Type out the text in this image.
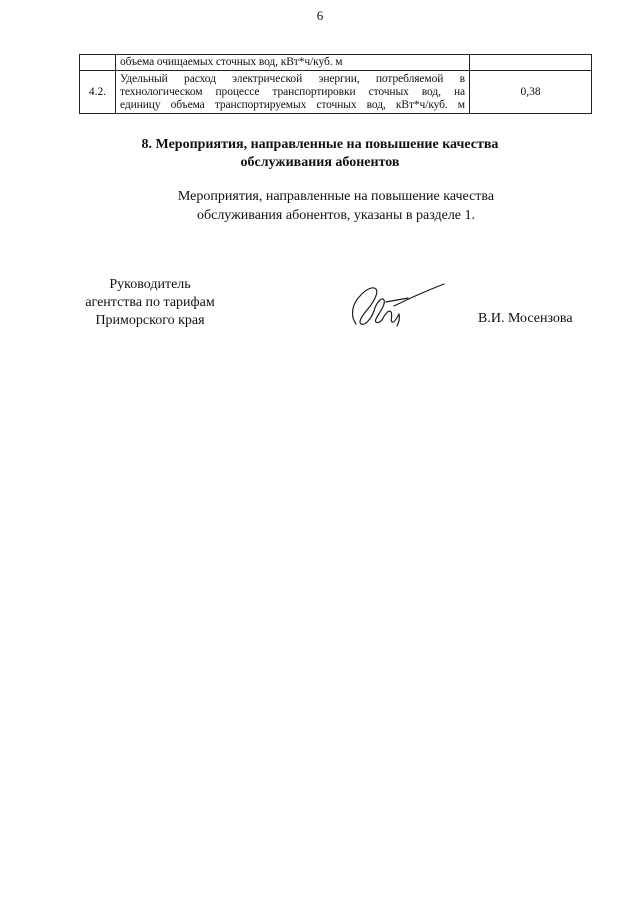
6
	объема очищаемых сточных вод, кВт*ч/куб. м	
4.2.	Удельный расход электрической энергии, потребляемой в
технологическом процессе транспортировки сточных вод, на
единицу объема транспортируемых сточных вод, кВт*ч/куб. м	0,38
8. Мероприятия, направленные на повышение качества
обслуживания абонентов
Мероприятия, направленные на повышение качества
обслуживания абонентов, указаны в разделе 1.
Руководитель
агентства по тарифам
Приморского края	В.И. Мосензова
